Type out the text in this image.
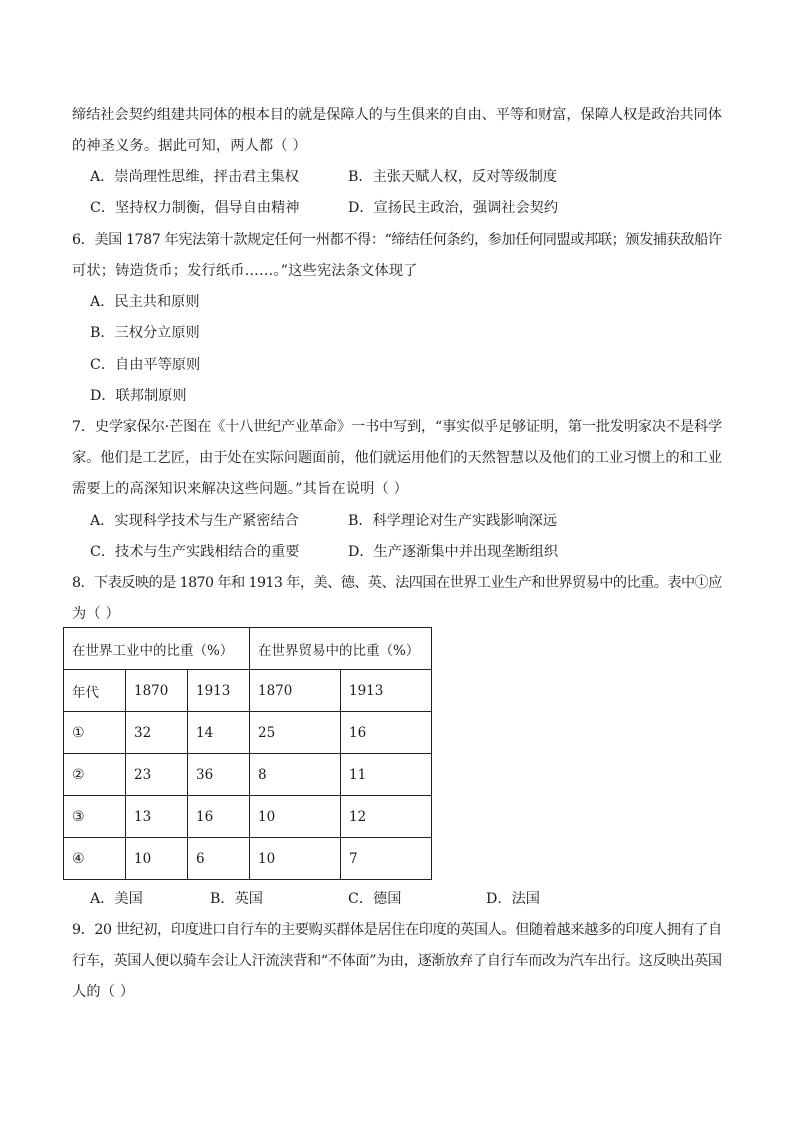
缔结社会契约组建共同体的根本目的就是保障人的与生俱来的自由、平等和财富，保障人权是政治共同体
的神圣义务。据此可知，两人都（ ）
A．崇尚理性思维，抨击君主集权	B．主张天赋人权，反对等级制度
C．坚持权力制衡，倡导自由精神	D．宣扬民主政治，强调社会契约
6．美国 1787 年宪法第十款规定任何一州都不得：“缔结任何条约，参加任何同盟或邦联；颁发捕获敌船许
可状；铸造货币；发行纸币……。”这些宪法条文体现了
A．民主共和原则
B．三权分立原则
C．自由平等原则
D．联邦制原则
7．史学家保尔·芒图在《十八世纪产业革命》一书中写到，“事实似乎足够证明，第一批发明家决不是科学
家。他们是工艺匠，由于处在实际问题面前，他们就运用他们的天然智慧以及他们的工业习惯上的和工业
需要上的高深知识来解决这些问题。”其旨在说明（ ）
A．实现科学技术与生产紧密结合	B．科学理论对生产实践影响深远
C．技术与生产实践相结合的重要	D．生产逐渐集中并出现垄断组织
8．下表反映的是 1870 年和 1913 年，美、德、英、法四国在世界工业生产和世界贸易中的比重。表中①应
为（ ）
在世界工业中的比重（%）			在世界贸易中的比重（%）	
年代	1870	1913	1870	1913
①	32	14	25	16
②	23	36	8	11
③	13	16	10	12
④	10	6	10	7
A．美国	B．英国	C．德国	D．法国
9．20 世纪初，印度进口自行车的主要购买群体是居住在印度的英国人。但随着越来越多的印度人拥有了自
行车，英国人便以骑车会让人汗流浃背和“不体面”为由，逐渐放弃了自行车而改为汽车出行。这反映出英国
人的（ ）
